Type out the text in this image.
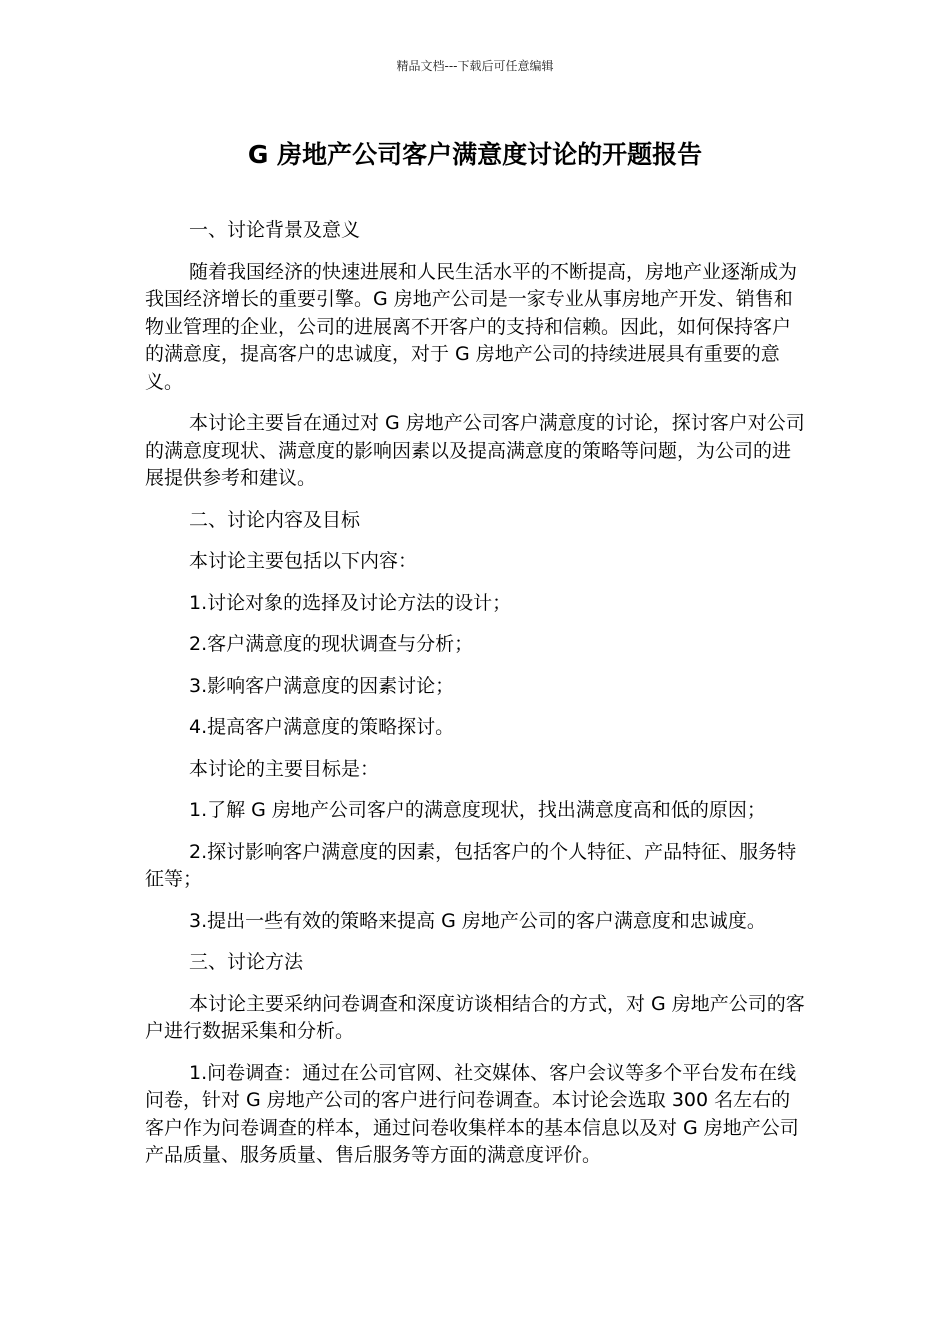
精品文档---下载后可任意编辑
G 房地产公司客户满意度讨论的开题报告

一、讨论背景及意义

随着我国经济的快速进展和人民生活水平的不断提高，房地产业逐渐成为我国经济增长的重要引擎。G 房地产公司是一家专业从事房地产开发、销售和物业管理的企业，公司的进展离不开客户的支持和信赖。因此，如何保持客户的满意度，提高客户的忠诚度，对于 G 房地产公司的持续进展具有重要的意义。

本讨论主要旨在通过对 G 房地产公司客户满意度的讨论，探讨客户对公司的满意度现状、满意度的影响因素以及提高满意度的策略等问题，为公司的进展提供参考和建议。

二、讨论内容及目标

本讨论主要包括以下内容：

1.讨论对象的选择及讨论方法的设计；

2.客户满意度的现状调查与分析；

3.影响客户满意度的因素讨论；

4.提高客户满意度的策略探讨。

本讨论的主要目标是：

1.了解 G 房地产公司客户的满意度现状，找出满意度高和低的原因；

2.探讨影响客户满意度的因素，包括客户的个人特征、产品特征、服务特征等；

3.提出一些有效的策略来提高 G 房地产公司的客户满意度和忠诚度。

三、讨论方法

本讨论主要采纳问卷调查和深度访谈相结合的方式，对 G 房地产公司的客户进行数据采集和分析。

1.问卷调查：通过在公司官网、社交媒体、客户会议等多个平台发布在线问卷，针对 G 房地产公司的客户进行问卷调查。本讨论会选取 300 名左右的客户作为问卷调查的样本，通过问卷收集样本的基本信息以及对 G 房地产公司产品质量、服务质量、售后服务等方面的满意度评价。
